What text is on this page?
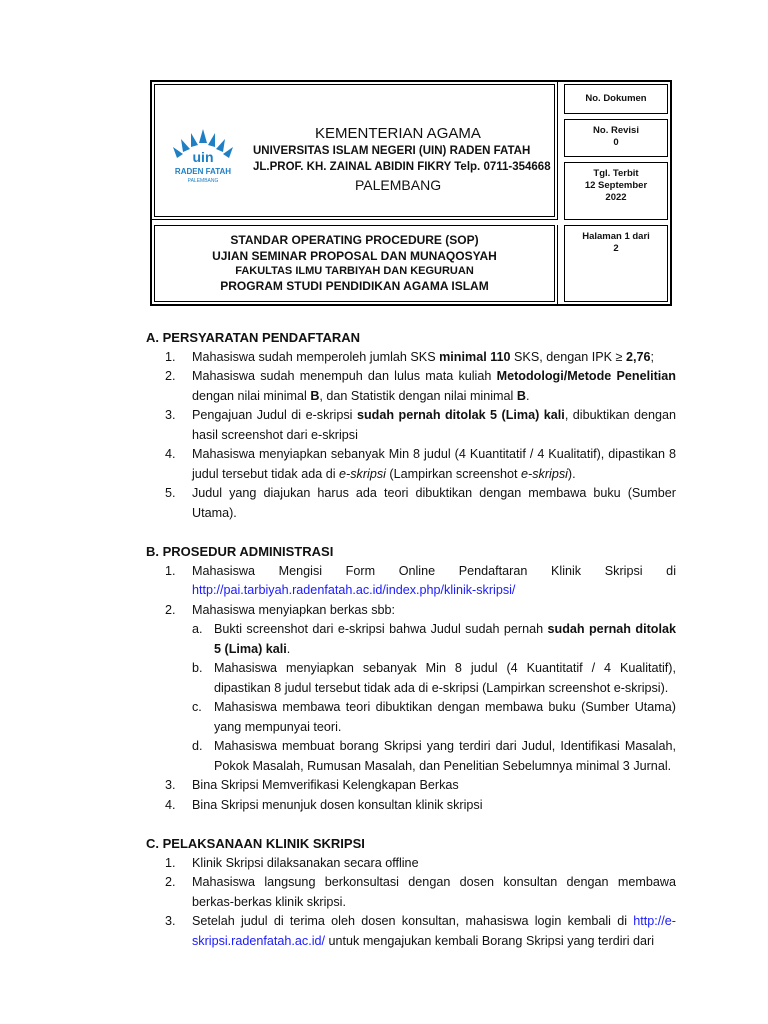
uin
RADEN FATAH
PALEMBANG
KEMENTERIAN AGAMA
UNIVERSITAS ISLAM NEGERI (UIN) RADEN FATAH
JL.PROF. KH. ZAINAL ABIDIN FIKRY Telp. 0711-354668
PALEMBANG
STANDAR OPERATING PROCEDURE (SOP)
UJIAN SEMINAR PROPOSAL DAN MUNAQOSYAH
FAKULTAS ILMU TARBIYAH DAN KEGURUAN
PROGRAM STUDI PENDIDIKAN AGAMA ISLAM
No. Dokumen
No. Revisi
0
Tgl. Terbit
12 September
2022
Halaman 1 dari
2
A. PERSYARATAN PENDAFTARAN
1.	Mahasiswa sudah memperoleh jumlah SKS minimal 110 SKS, dengan IPK ≥ 2,76;
2.	Mahasiswa sudah menempuh dan lulus mata kuliah Metodologi/Metode Penelitian dengan nilai minimal B, dan Statistik dengan nilai minimal B.
3.	Pengajuan Judul di e-skripsi sudah pernah ditolak 5 (Lima) kali, dibuktikan dengan hasil screenshot dari e-skripsi
4.	Mahasiswa menyiapkan sebanyak Min 8 judul (4 Kuantitatif / 4 Kualitatif), dipastikan 8 judul tersebut tidak ada di e-skripsi (Lampirkan screenshot e-skripsi).
5.	Judul yang diajukan harus ada teori dibuktikan dengan membawa buku (Sumber Utama).
B. PROSEDUR ADMINISTRASI
1.	Mahasiswa Mengisi Form Online Pendaftaran Klinik Skripsi di http://pai.tarbiyah.radenfatah.ac.id/index.php/klinik-skripsi/
2.	Mahasiswa menyiapkan berkas sbb:
a. Bukti screenshot dari e-skripsi bahwa Judul sudah pernah sudah pernah ditolak 5 (Lima) kali.
b. Mahasiswa menyiapkan sebanyak Min 8 judul (4 Kuantitatif / 4 Kualitatif), dipastikan 8 judul tersebut tidak ada di e-skripsi (Lampirkan screenshot e-skripsi).
c. Mahasiswa membawa teori dibuktikan dengan membawa buku (Sumber Utama) yang mempunyai teori.
d. Mahasiswa membuat borang Skripsi yang terdiri dari Judul, Identifikasi Masalah, Pokok Masalah, Rumusan Masalah, dan Penelitian Sebelumnya minimal 3 Jurnal.
3.	Bina Skripsi Memverifikasi Kelengkapan Berkas
4.	Bina Skripsi menunjuk dosen konsultan klinik skripsi
C. PELAKSANAAN KLINIK SKRIPSI
1.	Klinik Skripsi dilaksanakan secara offline
2.	Mahasiswa langsung berkonsultasi dengan dosen konsultan dengan membawa berkas-berkas klinik skripsi.
3.	Setelah judul di terima oleh dosen konsultan, mahasiswa login kembali di http://e-skripsi.radenfatah.ac.id/ untuk mengajukan kembali Borang Skripsi yang terdiri dari
